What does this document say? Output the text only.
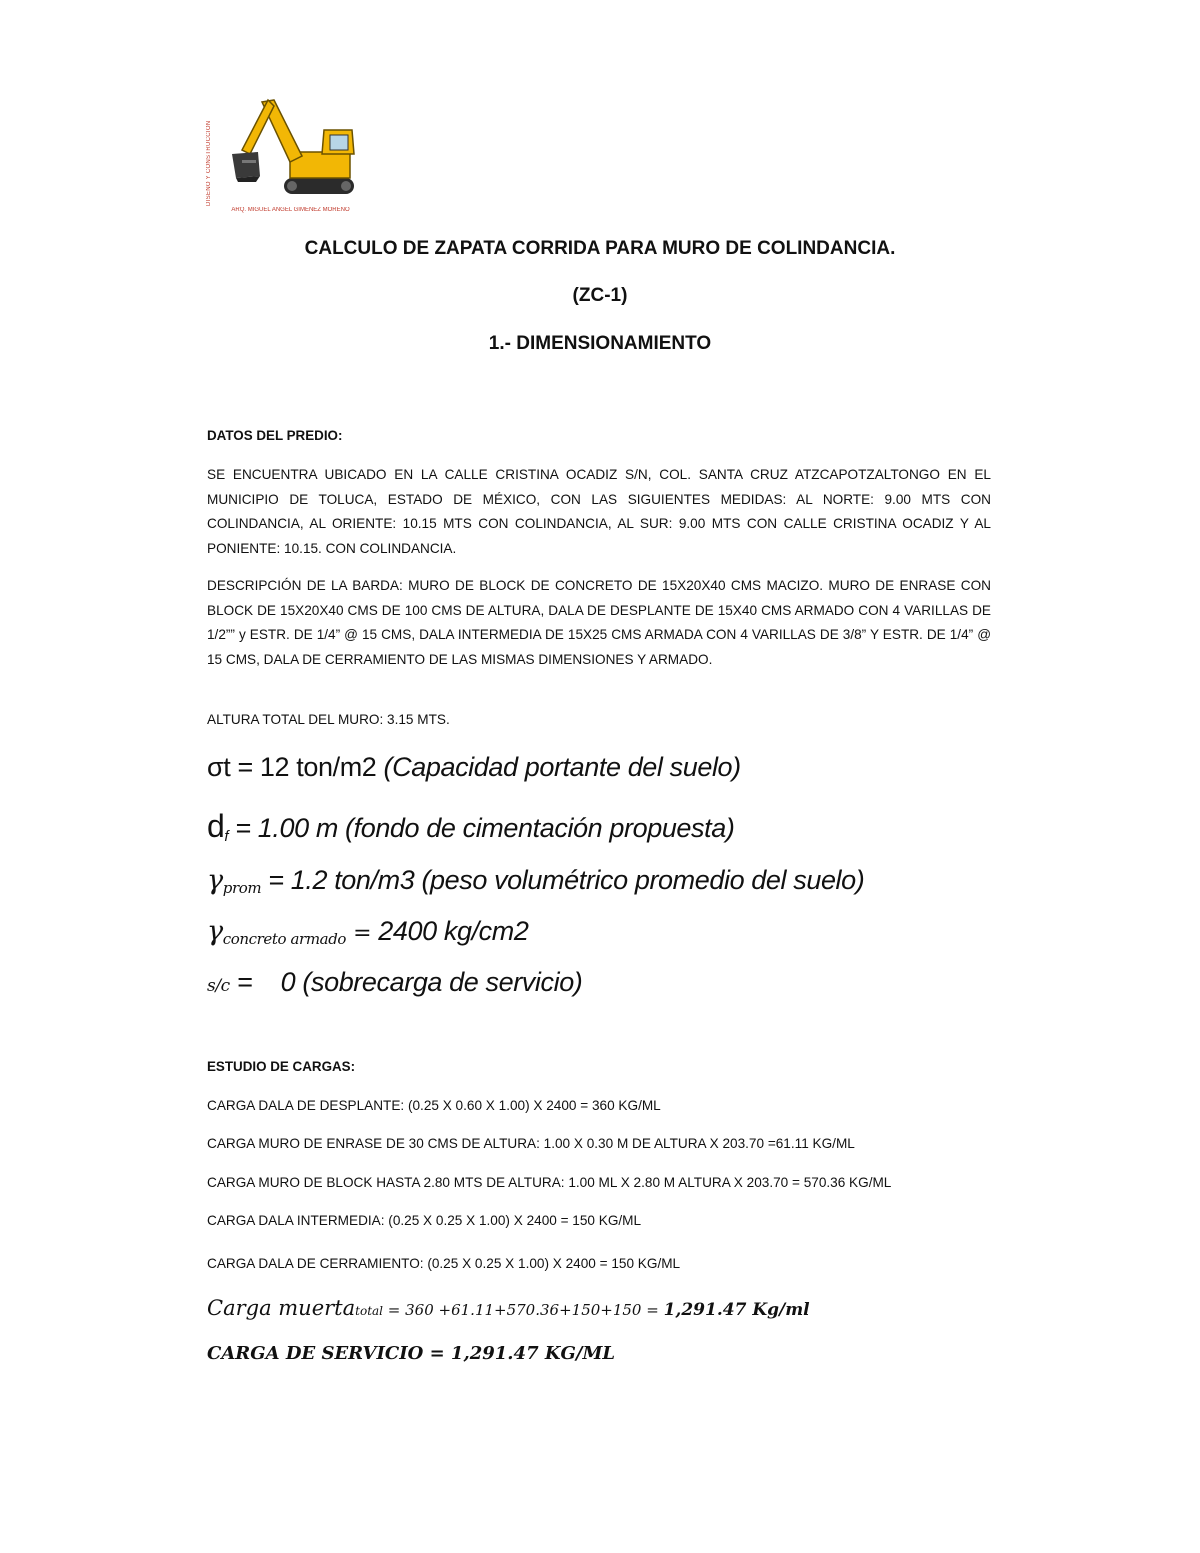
DISEÑO Y CONSTRUCCIÓN
ARQ. MIGUEL ANGEL GIMENEZ MORENO
CALCULO DE ZAPATA CORRIDA PARA MURO DE COLINDANCIA.
(ZC-1)
1.- DIMENSIONAMIENTO
DATOS DEL PREDIO:
SE ENCUENTRA UBICADO EN LA CALLE CRISTINA OCADIZ S/N, COL. SANTA CRUZ ATZCAPOTZALTONGO EN EL MUNICIPIO DE TOLUCA, ESTADO DE MÉXICO, CON LAS SIGUIENTES MEDIDAS: AL NORTE: 9.00 MTS CON COLINDANCIA, AL ORIENTE: 10.15 MTS CON COLINDANCIA, AL SUR: 9.00 MTS CON CALLE CRISTINA OCADIZ Y AL PONIENTE: 10.15. CON COLINDANCIA.
DESCRIPCIÓN DE LA BARDA: MURO DE BLOCK DE CONCRETO DE 15X20X40 CMS MACIZO. MURO DE ENRASE CON BLOCK DE 15X20X40 CMS DE 100 CMS DE ALTURA, DALA DE DESPLANTE DE 15X40 CMS ARMADO CON 4 VARILLAS DE 1/2”” y ESTR. DE 1/4” @ 15 CMS, DALA INTERMEDIA DE 15X25 CMS ARMADA CON 4 VARILLAS DE 3/8” Y ESTR. DE 1/4” @ 15 CMS, DALA DE CERRAMIENTO DE LAS MISMAS DIMENSIONES Y ARMADO.
ALTURA TOTAL DEL MURO: 3.15 MTS.
σt = 12 ton/m2 (Capacidad portante del suelo)
$d_f = 1.00$ m (fondo de cimentación propuesta)
γprom = 1.2 ton/m3 (peso volumétrico promedio del suelo)
γconcreto armado = 2400 kg/cm2
s/c =    0 (sobrecarga de servicio)
ESTUDIO DE CARGAS:
CARGA DALA DE DESPLANTE: (0.25 X 0.60 X 1.00) X 2400 = 360 KG/ML
CARGA MURO DE ENRASE DE 30 CMS DE ALTURA: 1.00 X 0.30 M DE ALTURA X 203.70 =61.11 KG/ML
CARGA MURO DE BLOCK HASTA 2.80 MTS DE ALTURA: 1.00 ML X 2.80 M ALTURA X 203.70 = 570.36 KG/ML
CARGA DALA INTERMEDIA: (0.25 X 0.25 X 1.00) X 2400 = 150 KG/ML
CARGA DALA DE CERRAMIENTO: (0.25 X 0.25 X 1.00) X 2400 = 150 KG/ML
Carga muertatotal = 360 +61.11+570.36+150+150 = 1,291.47 Kg/ml
CARGA DE SERVICIO = 1,291.47 KG/ML
